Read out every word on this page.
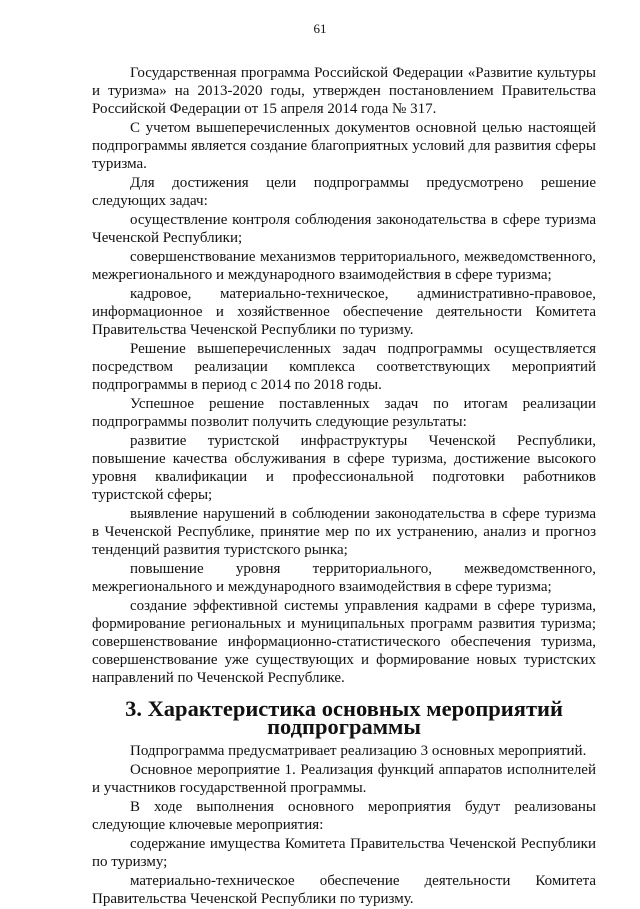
61

Государственная программа Российской Федерации «Развитие культуры и туризма» на 2013-2020 годы, утвержден постановлением Правительства Российской Федерации от 15 апреля 2014 года № 317.

С учетом вышеперечисленных документов основной целью настоящей подпрограммы является создание благоприятных условий для развития сферы туризма.

Для достижения цели подпрограммы предусмотрено решение следующих задач:

осуществление контроля соблюдения законодательства в сфере туризма Чеченской Республики;

совершенствование механизмов территориального, межведомственного, межрегионального и международного взаимодействия в сфере туризма;

кадровое, материально-техническое, административно-правовое, информационное и хозяйственное обеспечение деятельности Комитета Правительства Чеченской Республики по туризму.

Решение вышеперечисленных задач подпрограммы осуществляется посредством реализации комплекса соответствующих мероприятий подпрограммы в период с 2014 по 2018 годы.

Успешное решение поставленных задач по итогам реализации подпрограммы позволит получить следующие результаты:

развитие туристской инфраструктуры Чеченской Республики, повышение качества обслуживания в сфере туризма, достижение высокого уровня квалификации и профессиональной подготовки работников туристской сферы;

выявление нарушений в соблюдении законодательства в сфере туризма в Чеченской Республике, принятие мер по их устранению, анализ и прогноз тенденций развития туристского рынка;

повышение уровня территориального, межведомственного, межрегионального и международного взаимодействия в сфере туризма;

создание эффективной системы управления кадрами в сфере туризма, формирование региональных и муниципальных программ развития туризма; совершенствование информационно-статистического обеспечения туризма, совершенствование уже существующих и формирование новых туристских направлений по Чеченской Республике.

3. Характеристика основных мероприятий подпрограммы

Подпрограмма предусматривает реализацию 3 основных мероприятий.

Основное мероприятие 1. Реализация функций аппаратов исполнителей и участников государственной программы.

В ходе выполнения основного мероприятия будут реализованы следующие ключевые мероприятия:

содержание имущества Комитета Правительства Чеченской Республики по туризму;

материально-техническое обеспечение деятельности Комитета Правительства Чеченской Республики по туризму.
